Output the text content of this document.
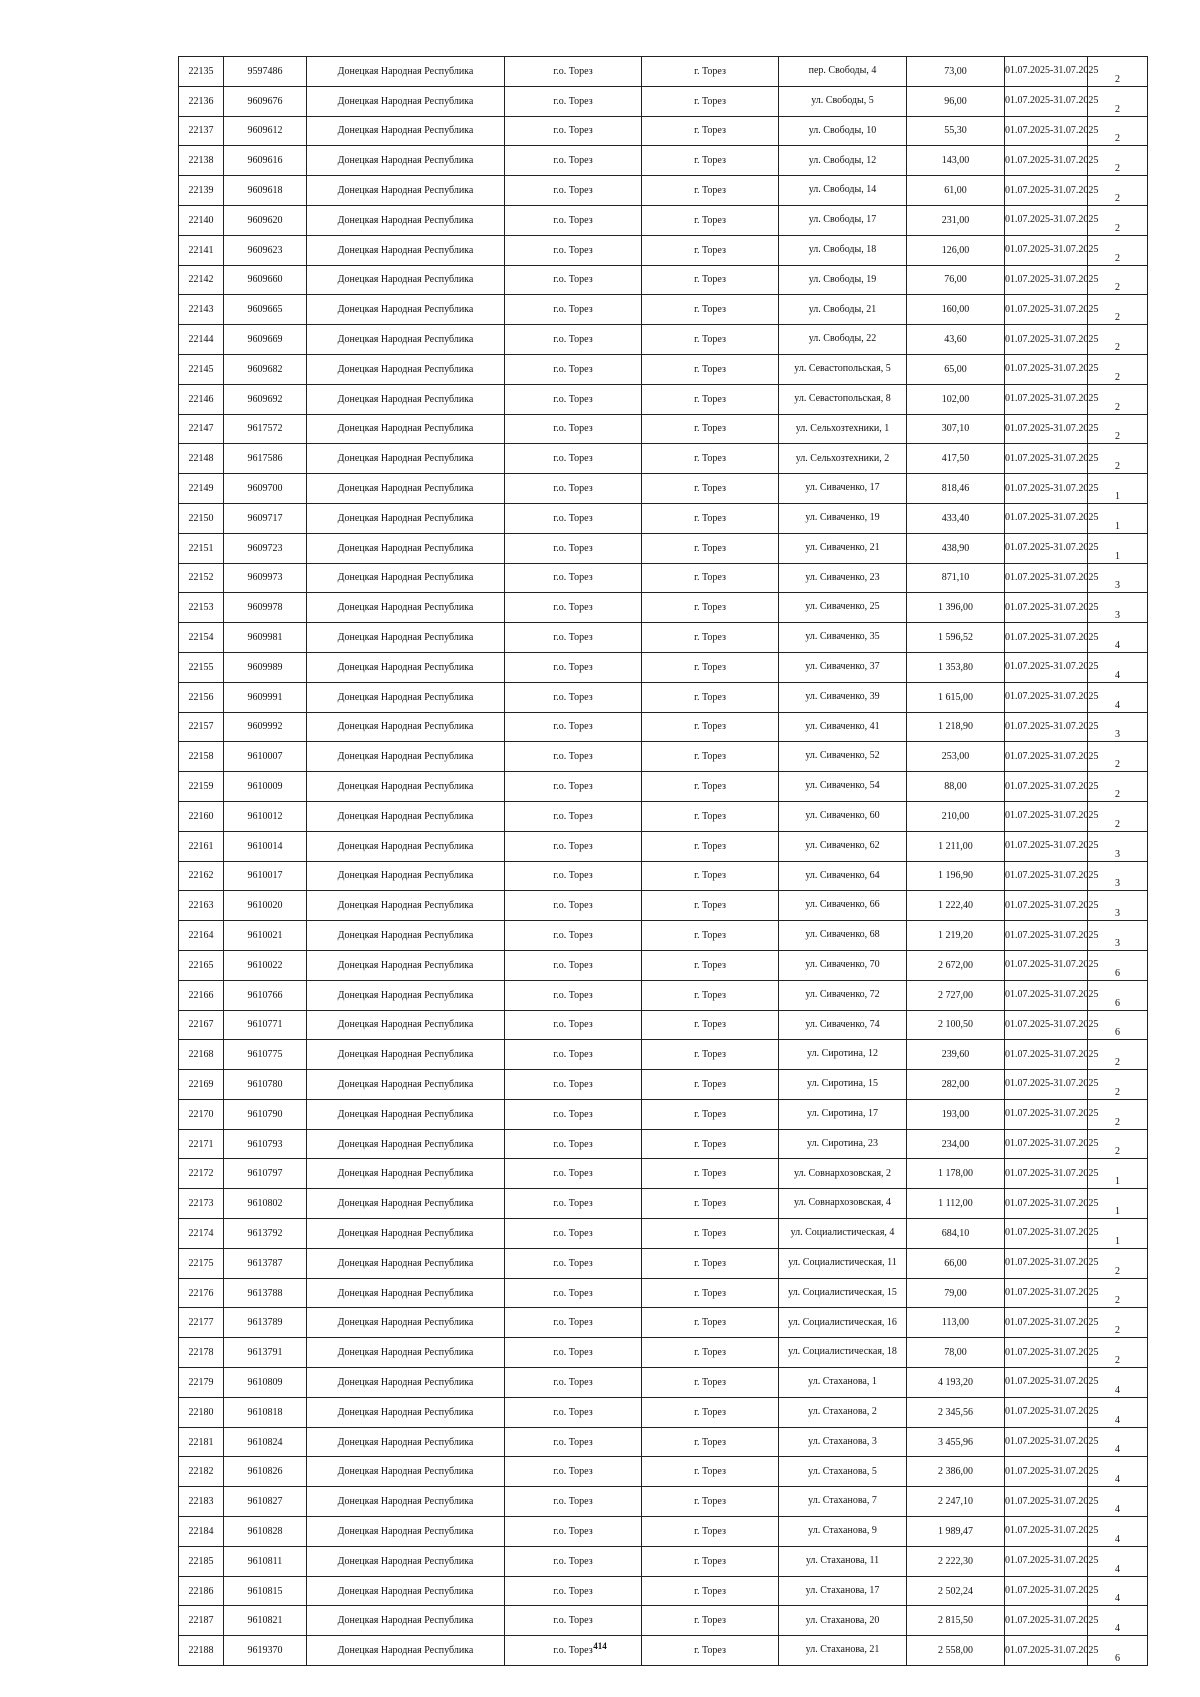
22135	9597486	Донецкая Народная Республика	г.о. Торез	г. Торез	пер. Свободы, 4	73,00	01.07.2025-31.07.2025	2
22136	9609676	Донецкая Народная Республика	г.о. Торез	г. Торез	ул. Свободы, 5	96,00	01.07.2025-31.07.2025	2
22137	9609612	Донецкая Народная Республика	г.о. Торез	г. Торез	ул. Свободы, 10	55,30	01.07.2025-31.07.2025	2
22138	9609616	Донецкая Народная Республика	г.о. Торез	г. Торез	ул. Свободы, 12	143,00	01.07.2025-31.07.2025	2
22139	9609618	Донецкая Народная Республика	г.о. Торез	г. Торез	ул. Свободы, 14	61,00	01.07.2025-31.07.2025	2
22140	9609620	Донецкая Народная Республика	г.о. Торез	г. Торез	ул. Свободы, 17	231,00	01.07.2025-31.07.2025	2
22141	9609623	Донецкая Народная Республика	г.о. Торез	г. Торез	ул. Свободы, 18	126,00	01.07.2025-31.07.2025	2
22142	9609660	Донецкая Народная Республика	г.о. Торез	г. Торез	ул. Свободы, 19	76,00	01.07.2025-31.07.2025	2
22143	9609665	Донецкая Народная Республика	г.о. Торез	г. Торез	ул. Свободы, 21	160,00	01.07.2025-31.07.2025	2
22144	9609669	Донецкая Народная Республика	г.о. Торез	г. Торез	ул. Свободы, 22	43,60	01.07.2025-31.07.2025	2
22145	9609682	Донецкая Народная Республика	г.о. Торез	г. Торез	ул. Севастопольская, 5	65,00	01.07.2025-31.07.2025	2
22146	9609692	Донецкая Народная Республика	г.о. Торез	г. Торез	ул. Севастопольская, 8	102,00	01.07.2025-31.07.2025	2
22147	9617572	Донецкая Народная Республика	г.о. Торез	г. Торез	ул. Сельхозтехники, 1	307,10	01.07.2025-31.07.2025	2
22148	9617586	Донецкая Народная Республика	г.о. Торез	г. Торез	ул. Сельхозтехники, 2	417,50	01.07.2025-31.07.2025	2
22149	9609700	Донецкая Народная Республика	г.о. Торез	г. Торез	ул. Сиваченко, 17	818,46	01.07.2025-31.07.2025	1
22150	9609717	Донецкая Народная Республика	г.о. Торез	г. Торез	ул. Сиваченко, 19	433,40	01.07.2025-31.07.2025	1
22151	9609723	Донецкая Народная Республика	г.о. Торез	г. Торез	ул. Сиваченко, 21	438,90	01.07.2025-31.07.2025	1
22152	9609973	Донецкая Народная Республика	г.о. Торез	г. Торез	ул. Сиваченко, 23	871,10	01.07.2025-31.07.2025	3
22153	9609978	Донецкая Народная Республика	г.о. Торез	г. Торез	ул. Сиваченко, 25	1 396,00	01.07.2025-31.07.2025	3
22154	9609981	Донецкая Народная Республика	г.о. Торез	г. Торез	ул. Сиваченко, 35	1 596,52	01.07.2025-31.07.2025	4
22155	9609989	Донецкая Народная Республика	г.о. Торез	г. Торез	ул. Сиваченко, 37	1 353,80	01.07.2025-31.07.2025	4
22156	9609991	Донецкая Народная Республика	г.о. Торез	г. Торез	ул. Сиваченко, 39	1 615,00	01.07.2025-31.07.2025	4
22157	9609992	Донецкая Народная Республика	г.о. Торез	г. Торез	ул. Сиваченко, 41	1 218,90	01.07.2025-31.07.2025	3
22158	9610007	Донецкая Народная Республика	г.о. Торез	г. Торез	ул. Сиваченко, 52	253,00	01.07.2025-31.07.2025	2
22159	9610009	Донецкая Народная Республика	г.о. Торез	г. Торез	ул. Сиваченко, 54	88,00	01.07.2025-31.07.2025	2
22160	9610012	Донецкая Народная Республика	г.о. Торез	г. Торез	ул. Сиваченко, 60	210,00	01.07.2025-31.07.2025	2
22161	9610014	Донецкая Народная Республика	г.о. Торез	г. Торез	ул. Сиваченко, 62	1 211,00	01.07.2025-31.07.2025	3
22162	9610017	Донецкая Народная Республика	г.о. Торез	г. Торез	ул. Сиваченко, 64	1 196,90	01.07.2025-31.07.2025	3
22163	9610020	Донецкая Народная Республика	г.о. Торез	г. Торез	ул. Сиваченко, 66	1 222,40	01.07.2025-31.07.2025	3
22164	9610021	Донецкая Народная Республика	г.о. Торез	г. Торез	ул. Сиваченко, 68	1 219,20	01.07.2025-31.07.2025	3
22165	9610022	Донецкая Народная Республика	г.о. Торез	г. Торез	ул. Сиваченко, 70	2 672,00	01.07.2025-31.07.2025	6
22166	9610766	Донецкая Народная Республика	г.о. Торез	г. Торез	ул. Сиваченко, 72	2 727,00	01.07.2025-31.07.2025	6
22167	9610771	Донецкая Народная Республика	г.о. Торез	г. Торез	ул. Сиваченко, 74	2 100,50	01.07.2025-31.07.2025	6
22168	9610775	Донецкая Народная Республика	г.о. Торез	г. Торез	ул. Сиротина, 12	239,60	01.07.2025-31.07.2025	2
22169	9610780	Донецкая Народная Республика	г.о. Торез	г. Торез	ул. Сиротина, 15	282,00	01.07.2025-31.07.2025	2
22170	9610790	Донецкая Народная Республика	г.о. Торез	г. Торез	ул. Сиротина, 17	193,00	01.07.2025-31.07.2025	2
22171	9610793	Донецкая Народная Республика	г.о. Торез	г. Торез	ул. Сиротина, 23	234,00	01.07.2025-31.07.2025	2
22172	9610797	Донецкая Народная Республика	г.о. Торез	г. Торез	ул. Совнархозовская, 2	1 178,00	01.07.2025-31.07.2025	1
22173	9610802	Донецкая Народная Республика	г.о. Торез	г. Торез	ул. Совнархозовская, 4	1 112,00	01.07.2025-31.07.2025	1
22174	9613792	Донецкая Народная Республика	г.о. Торез	г. Торез	ул. Социалистическая, 4	684,10	01.07.2025-31.07.2025	1
22175	9613787	Донецкая Народная Республика	г.о. Торез	г. Торез	ул. Социалистическая, 11	66,00	01.07.2025-31.07.2025	2
22176	9613788	Донецкая Народная Республика	г.о. Торез	г. Торез	ул. Социалистическая, 15	79,00	01.07.2025-31.07.2025	2
22177	9613789	Донецкая Народная Республика	г.о. Торез	г. Торез	ул. Социалистическая, 16	113,00	01.07.2025-31.07.2025	2
22178	9613791	Донецкая Народная Республика	г.о. Торез	г. Торез	ул. Социалистическая, 18	78,00	01.07.2025-31.07.2025	2
22179	9610809	Донецкая Народная Республика	г.о. Торез	г. Торез	ул. Стаханова, 1	4 193,20	01.07.2025-31.07.2025	4
22180	9610818	Донецкая Народная Республика	г.о. Торез	г. Торез	ул. Стаханова, 2	2 345,56	01.07.2025-31.07.2025	4
22181	9610824	Донецкая Народная Республика	г.о. Торез	г. Торез	ул. Стаханова, 3	3 455,96	01.07.2025-31.07.2025	4
22182	9610826	Донецкая Народная Республика	г.о. Торез	г. Торез	ул. Стаханова, 5	2 386,00	01.07.2025-31.07.2025	4
22183	9610827	Донецкая Народная Республика	г.о. Торез	г. Торез	ул. Стаханова, 7	2 247,10	01.07.2025-31.07.2025	4
22184	9610828	Донецкая Народная Республика	г.о. Торез	г. Торез	ул. Стаханова, 9	1 989,47	01.07.2025-31.07.2025	4
22185	9610811	Донецкая Народная Республика	г.о. Торез	г. Торез	ул. Стаханова, 11	2 222,30	01.07.2025-31.07.2025	4
22186	9610815	Донецкая Народная Республика	г.о. Торез	г. Торез	ул. Стаханова, 17	2 502,24	01.07.2025-31.07.2025	4
22187	9610821	Донецкая Народная Республика	г.о. Торез	г. Торез	ул. Стаханова, 20	2 815,50	01.07.2025-31.07.2025	4
22188	9619370	Донецкая Народная Республика	г.о. Торез	г. Торез	ул. Стаханова, 21	2 558,00	01.07.2025-31.07.2025	6
414
